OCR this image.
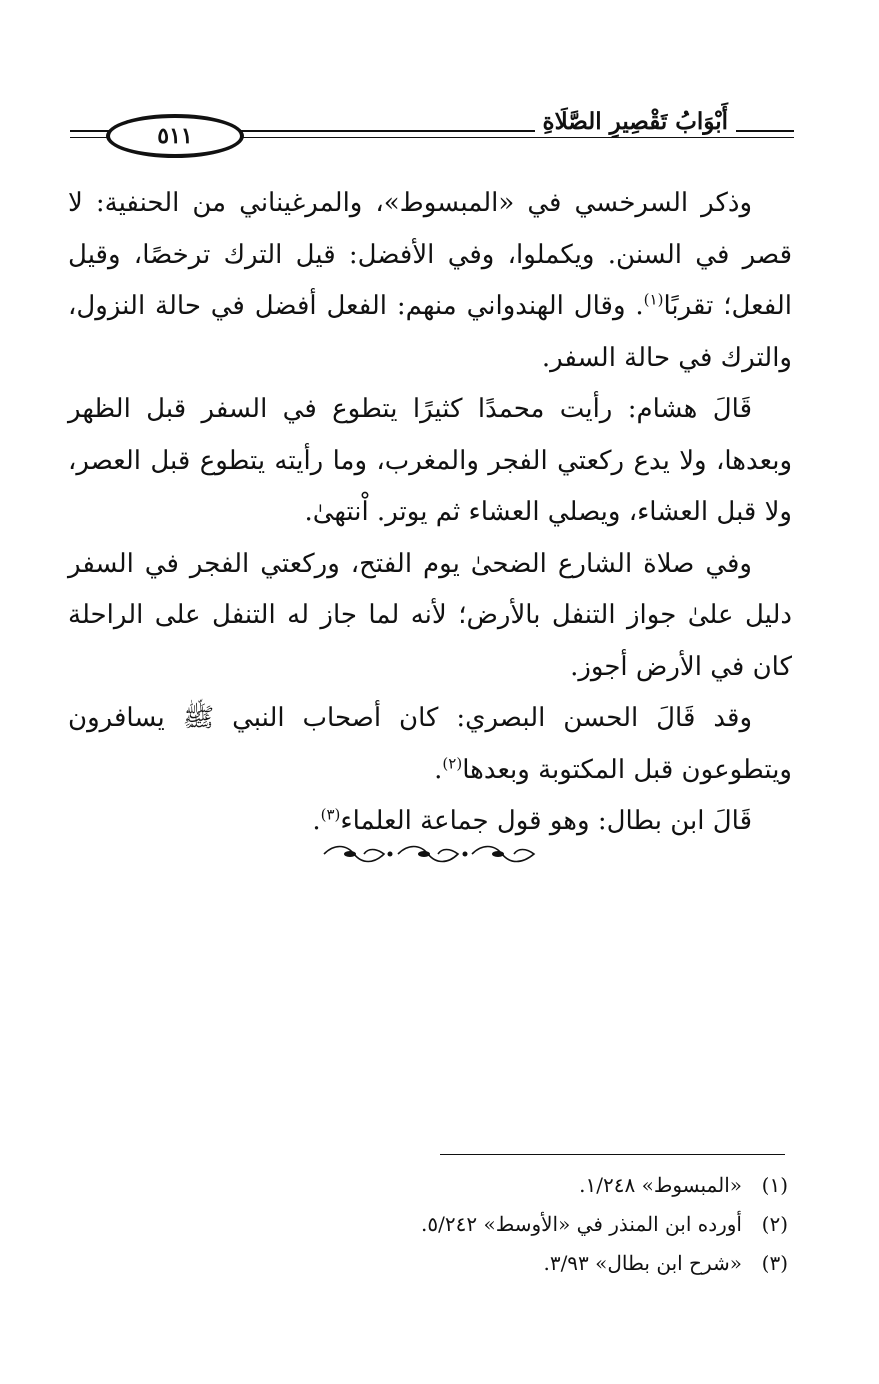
٥١١
أَبْوَابُ تَقْصِيرِ الصَّلَاةِ

وذكر السرخسي في «المبسوط»، والمرغيناني من الحنفية: لا قصر في السنن. ويكملوا، وفي الأفضل: قيل الترك ترخصًا، وقيل الفعل؛ تقربًا$^{(١)}$. وقال الهندواني منهم: الفعل أفضل في حالة النزول، والترك في حالة السفر.

قَالَ هشام: رأيت محمدًا كثيرًا يتطوع في السفر قبل الظهر وبعدها، ولا يدع ركعتي الفجر والمغرب، وما رأيته يتطوع قبل العصر، ولا قبل العشاء، ويصلي العشاء ثم يوتر. اْنتهىٰ.

وفي صلاة الشارع الضحىٰ يوم الفتح، وركعتي الفجر في السفر دليل علىٰ جواز التنفل بالأرض؛ لأنه لما جاز له التنفل على الراحلة كان في الأرض أجوز.

وقد قَالَ الحسن البصري: كان أصحاب النبي ﷺ يسافرون ويتطوعون قبل المكتوبة وبعدها$^{(٢)}$.

قَالَ ابن بطال: وهو قول جماعة العلماء$^{(٣)}$.

(١)
«المبسوط» ١/٢٤٨.
(٢)
أورده ابن المنذر في «الأوسط» ٥/٢٤٢.
(٣)
«شرح ابن بطال» ٣/٩٣.
